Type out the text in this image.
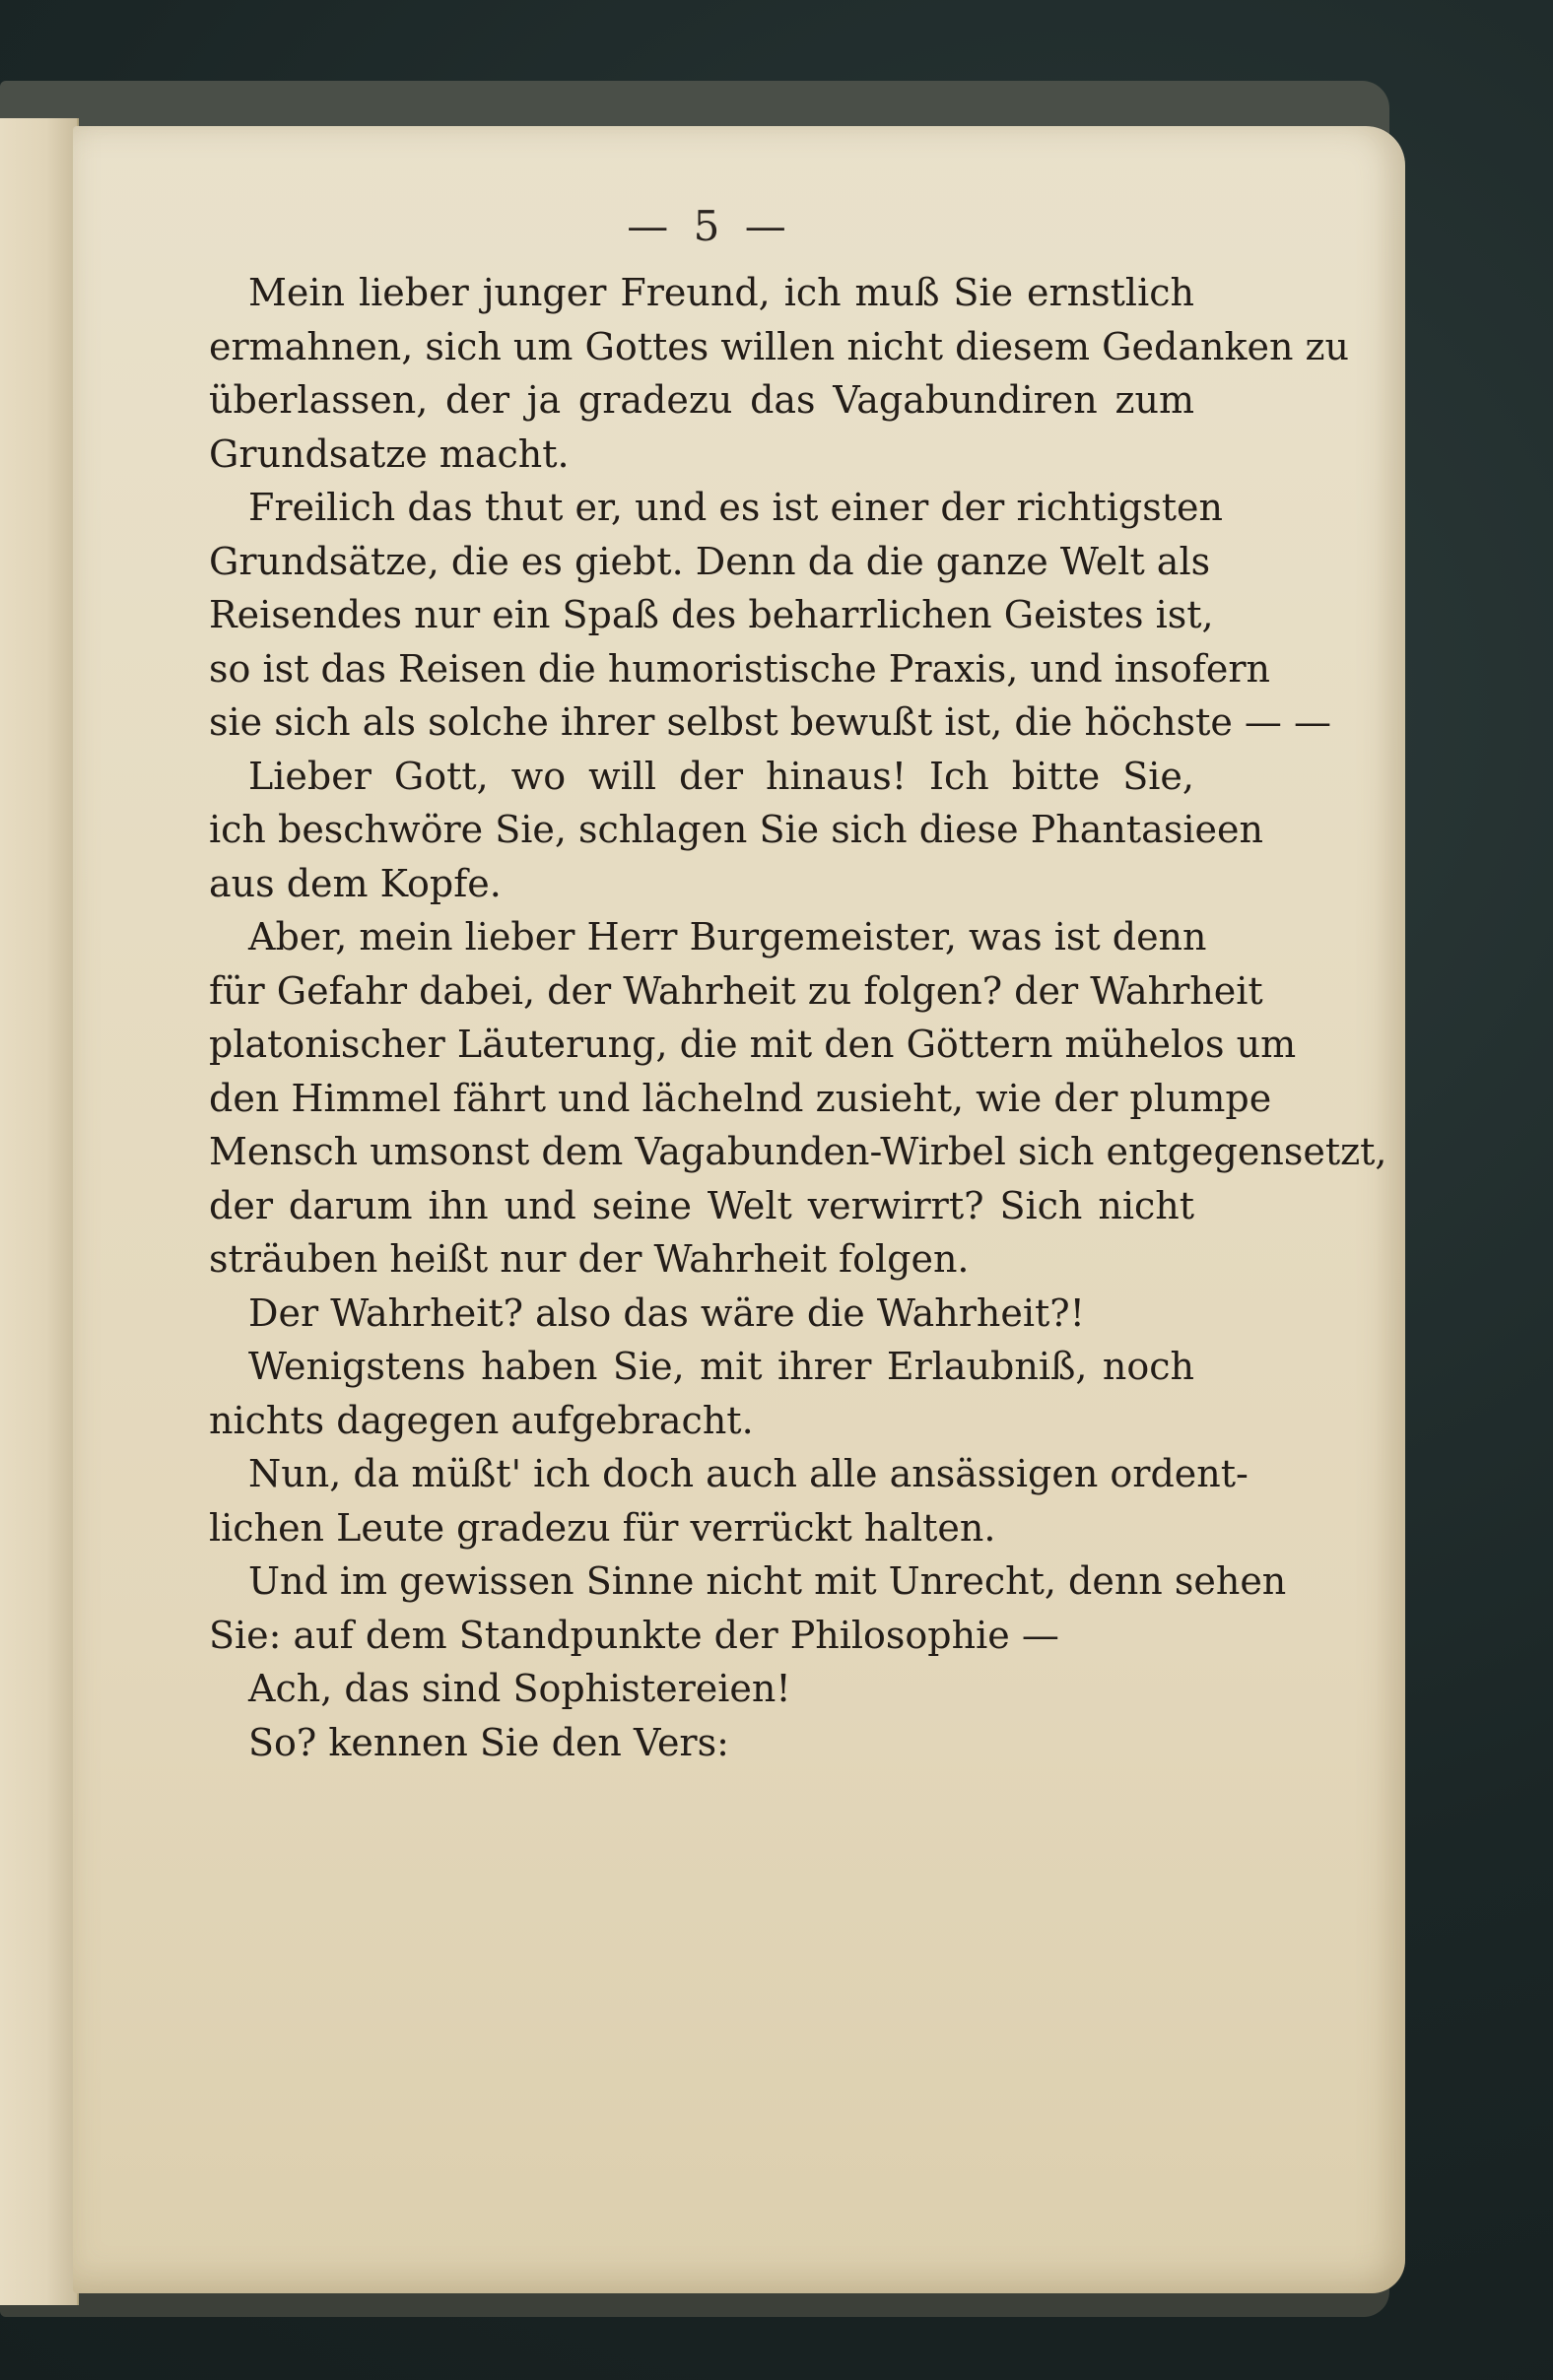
— 5 —
Mein lieber junger Freund, ich muß Sie ernstlich
ermahnen, sich um Gottes willen nicht diesem Gedanken zu
überlassen, der ja gradezu das Vagabundiren zum
Grundsatze macht.
Freilich das thut er, und es ist einer der richtigsten
Grundsätze, die es giebt. Denn da die ganze Welt als
Reisendes nur ein Spaß des beharrlichen Geistes ist,
so ist das Reisen die humoristische Praxis, und insofern
sie sich als solche ihrer selbst bewußt ist, die höchste — —
Lieber Gott, wo will der hinaus! Ich bitte Sie,
ich beschwöre Sie, schlagen Sie sich diese Phantasieen
aus dem Kopfe.
Aber, mein lieber Herr Burgemeister, was ist denn
für Gefahr dabei, der Wahrheit zu folgen? der Wahrheit
platonischer Läuterung, die mit den Göttern mühelos um
den Himmel fährt und lächelnd zusieht, wie der plumpe
Mensch umsonst dem Vagabunden-Wirbel sich entgegensetzt,
der darum ihn und seine Welt verwirrt? Sich nicht
sträuben heißt nur der Wahrheit folgen.
Der Wahrheit? also das wäre die Wahrheit?!
Wenigstens haben Sie, mit ihrer Erlaubniß, noch
nichts dagegen aufgebracht.
Nun, da müßt' ich doch auch alle ansässigen ordent-
lichen Leute gradezu für verrückt halten.
Und im gewissen Sinne nicht mit Unrecht, denn sehen
Sie: auf dem Standpunkte der Philosophie —
Ach, das sind Sophistereien!
So? kennen Sie den Vers:
